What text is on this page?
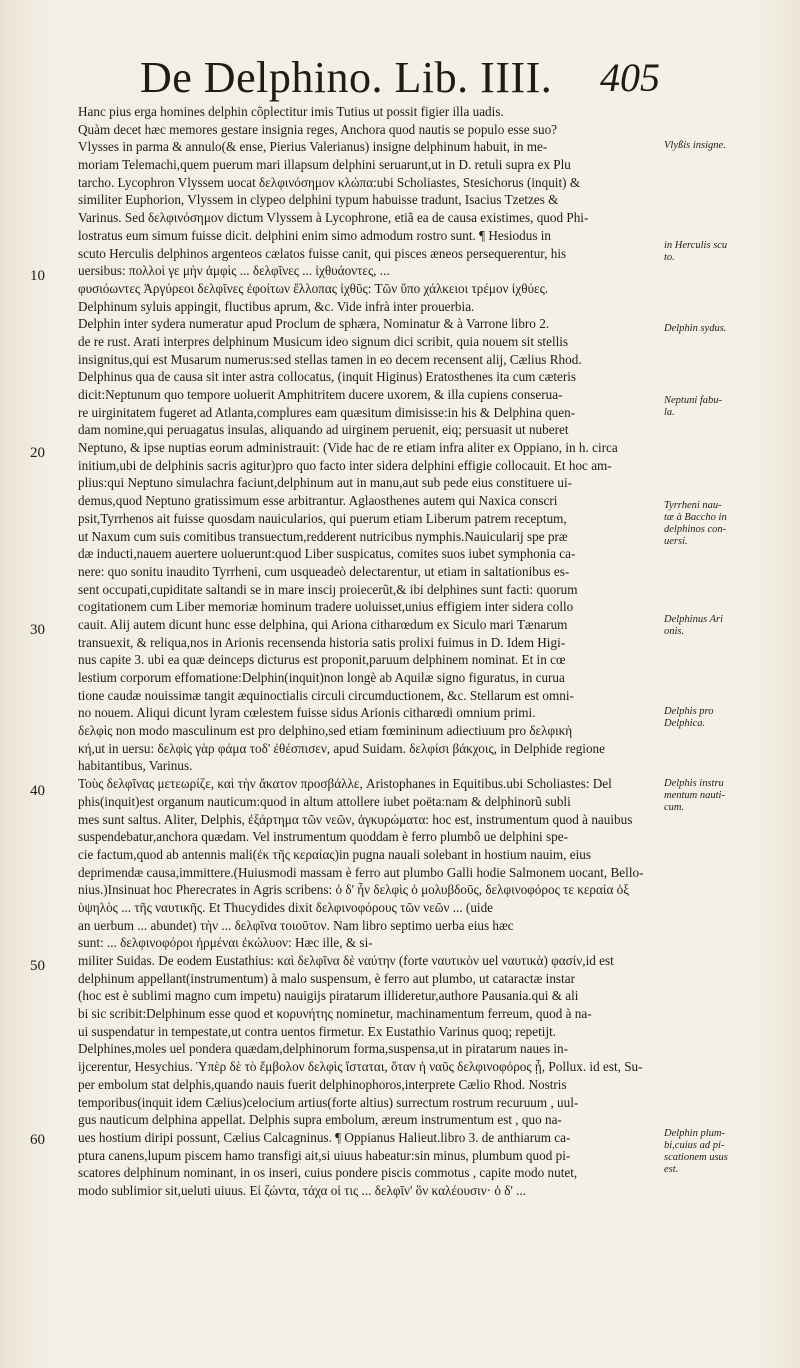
De Delphino. Lib. IIII. 405
Hanc pius erga homines delphin cõplectitur imis Tutius ut possit figier illa uadis.
Quàm decet hæc memores gestare insignia reges, Anchora quod nautis se populo esse suo?
Vlysses in parma & annulo(& ense, Pierius Valerianus) insigne delphinum habuit, in me-
moriam Telemachi,quem puerum mari illapsum delphini seruarunt,ut in D. retuli supra ex Plu
tarcho. Lycophron Vlyssem uocat δελφινόσημον κλώπα:ubi Scholiastes, Stesichorus (inquit) &
similiter Euphorion, Vlyssem in clypeo delphini typum habuisse tradunt, Isacius Tzetzes &
Varinus. Sed δελφινόσημον dictum Vlyssem à Lycophrone, etiã ea de causa existimes, quod Phi-
lostratus eum simum fuisse dicit. delphini enim simo admodum rostro sunt. ¶ Hesiodus in
scuto Herculis delphinos argenteos cælatos fuisse canit, qui pisces æneos persequerentur, his
uersibus: πολλοὶ γε μὴν ἀμφὶς ... δελφῖνες ... ἰχθυάοντες, ...
φυσιόωντες Ἀργύρεοι δελφῖνες ἐφοίτων ἔλλοπας ἰχθῦς: Τῶν ὕπο χάλκειοι τρέμον ἰχθύες.
Delphinum syluis appingit, fluctibus aprum, &c. Vide infrà inter prouerbia.
Delphin inter sydera numeratur apud Proclum de sphæra, Nominatur & à Varrone libro 2.
de re rust. Arati interpres delphinum Musicum ideo signum dici scribit, quia nouem sit stellis
insignitus,qui est Musarum numerus:sed stellas tamen in eo decem recensent alij, Cælius Rhod.
Delphinus qua de causa sit inter astra collocatus, (inquit Higinus) Eratosthenes ita cum cæteris
dicit:Neptunum quo tempore uoluerit Amphitritem ducere uxorem, & illa cupiens conserua-
re uirginitatem fugeret ad Atlanta,complures eam quæsitum dimisisse:in his & Delphina quen-
dam nomine,qui peruagatus insulas, aliquando ad uirginem peruenit, eiq; persuasit ut nuberet
Neptuno, & ipse nuptias eorum administrauit: (Vide hac de re etiam infra aliter ex Oppiano, in h. circa
initium,ubi de delphinis sacris agitur)pro quo facto inter sidera delphini effigie collocauit. Et hoc am-
plius:qui Neptuno simulachra faciunt,delphinum aut in manu,aut sub pede eius constituere ui-
demus,quod Neptuno gratissimum esse arbitrantur. Aglaosthenes autem qui Naxica conscri
psit,Tyrrhenos ait fuisse quosdam nauicularios, qui puerum etiam Liberum patrem receptum,
ut Naxum cum suis comitibus transuectum,redderent nutricibus nymphis.Nauicularij spe præ
dæ inducti,nauem auertere uoluerunt:quod Liber suspicatus, comites suos iubet symphonia ca-
nere: quo sonitu inaudito Tyrrheni, cum usqueadeò delectarentur, ut etiam in saltationibus es-
sent occupati,cupiditate saltandi se in mare insciȷ proiecerũt,& ibi delphines sunt facti: quorum
cogitationem cum Liber memoriæ hominum tradere uoluisset,unius effigiem inter sidera collo
cauit. Alij autem dicunt hunc esse delphina, qui Ariona citharœdum ex Siculo mari Tænarum
transuexit, & reliqua,nos in Arionis recensenda historia satis prolixi fuimus in D. Idem Higi-
nus capite 3. ubi ea quæ deinceps dicturus est proponit,paruum delphinem nominat. Et in cœ
lestium corporum effomatione:Delphin(inquit)non longè ab Aquilæ signo figuratus, in curua
tione caudæ nouissimæ tangit æquinoctialis circuli circumductionem, &c. Stellarum est omni-
no nouem. Aliqui dicunt lyram cœlestem fuisse sidus Arionis citharœdi omnium primi.
δελφὶς non modo masculinum est pro delphino,sed etiam fœmininum adiectiuum pro δελφικὴ
κή,ut in uersu: δελφὶς γὰρ φάμα τοδ' ἐθέσπισεν, apud Suidam. δελφίσι βάκχοις, in Delphide regione
habitantibus, Varinus.
Τοὺς δελφῖνας μετεωρίζε, καὶ τὴν ἄκατον προσβάλλε, Aristophanes in Equitibus.ubi Scholiastes: Del
phis(inquit)est organum nauticum:quod in altum attollere iubet poëta:nam & delphinorũ subli
mes sunt saltus. Aliter, Delphis, ἐξάρτημα τῶν νεῶν, ἀγκυρώματα: hoc est, instrumentum quod à nauibus
suspendebatur,anchora quædam. Vel instrumentum quoddam è ferro plumbô ue delphini spe-
cie factum,quod ab antennis mali(ἐκ τῆς κεραίας)in pugna nauali solebant in hostium nauim, eius
deprimendæ causa,immittere.(Huiusmodi massam è ferro aut plumbo Galli hodie Salmonem uocant, Bello-
nius.)Insinuat hoc Pherecrates in Agris scribens: ὁ δ' ἦν δελφὶς ὁ μολυβδοῦς, δελφινοφόρος τε κεραία ὀξ
ὑψηλὸς ... τῆς ναυτικῆς. Et Thucydides dixit δελφινοφόρους τῶν νεῶν ... (uide
an uerbum ... abundet) τὴν ... δελφῖνα τοιοῦτον. Nam libro septimo uerba eius hæc
sunt: ... δελφινοφόροι ἠρμέναι ἐκώλυον: Hæc ille, & si-
militer Suidas. De eodem Eustathius: καὶ δελφῖνα δὲ ναύτην (forte ναυτικὸν uel ναυτικὰ) φασίν,id est
delphinum appellant(instrumentum) à malo suspensum, è ferro aut plumbo, ut cataractæ instar
(hoc est è sublimi magno cum impetu) nauigijs piratarum illideretur,authore Pausania.qui & ali
bi sic scribit:Delphinum esse quod et κορυνήτης nominetur, machinamentum ferreum, quod à na-
ui suspendatur in tempestate,ut contra uentos firmetur. Ex Eustathio Varinus quoq; repetijt.
Delphines,moles uel pondera quædam,delphinorum forma,suspensa,ut in piratarum naues in-
ijcerentur, Hesychius. Ὑπὲρ δὲ τὸ ἔμβολον δελφὶς ἵσταται, ὅταν ἡ ναῦς δελφινοφόρος ᾖ, Pollux. id est, Su-
per embolum stat delphis,quando nauis fuerit delphinophoros,interprete Cælio Rhod. Nostris
temporibus(inquit idem Cælius)celocium artius(forte altius) surrectum rostrum recuruum , uul-
gus nauticum delphina appellat. Delphis supra embolum, æreum instrumentum est , quo na-
ues hostium diripi possunt, Cælius Calcagninus. ¶ Oppianus Halieut.libro 3. de anthiarum ca-
ptura canens,lupum piscem hamo transfigi ait,si uiuus habeatur:sin minus, plumbum quod pi-
scatores delphinum nominant, in os inseri, cuius pondere piscis commotus , capite modo nutet,
modo sublimior sit,ueluti uiuus. Εἰ ζώντα, τάχα οἱ τις ... δελφῖν' ὃν καλέουσιν· ὁ δ' ...
10
20
30
40
50
60
Vlyßis insigne.
in Herculis scu
to.
Delphin sydus.
Neptuni fabu-
la.
Tyrrheni nau-
tæ à Baccho in
delphinos con-
uersi.
Delphinus Ari
onis.
Delphis pro
Delphica.
Delphis instru
mentum nauti-
cum.
Delphin plum-
bi,cuius ad pi-
scationem usus
est.
